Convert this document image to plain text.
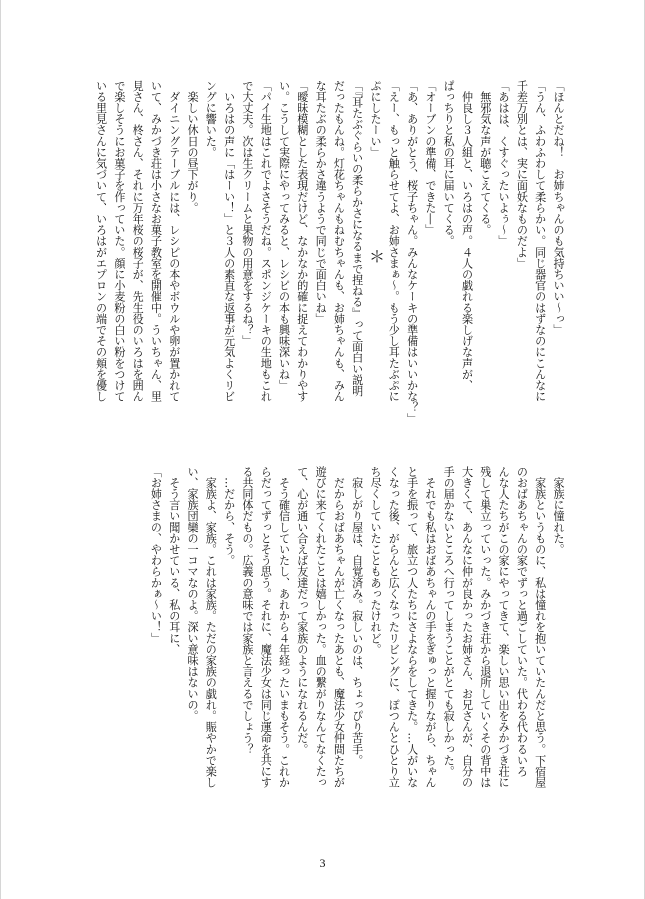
「ほんとだね！　お姉ちゃんのも気持ちいい～っ」
「うん、ふわふわして柔らかい。同じ器官のはずなのにこんなに
千差万別とは、実に面妖なものだよ」
「あはは、くすぐったいよぅ～」
　無邪気な声が聴こえてくる。
　仲良し３人組と、いろはの声。４人の戯れる楽しげな声が、
ぱっちりと私の耳に届いてくる。
「オーブンの準備、できた―」
「あ、ありがとう、桜子ちゃん。みんなケーキの準備はいいかな？」
「えー、もっと触らせてよ、お姉さまぁ～。もう少し耳たぶぷに
ぷにしたーい」
「『耳たぶぐらいの柔らかさになるまで捏ねる』って面白い説明
だったもんね。灯花ちゃんもねむちゃんも、お姉ちゃんも、みん
な耳たぶの柔らかさ違うようで同じで面白いね」
「曖昧模糊とした表現だけど、なかなか的確に捉えてわかりやす
い。こうして実際にやってみると、レシピの本も興味深いね」
「パイ生地はこれでよさそうだね。スポンジケーキの生地もこれ
で大丈夫。次は生クリームと果物の用意をするね？」
　いろはの声に「はーい！」と３人の素直な返事が元気よくリビ
ングに響いた。
　楽しい休日の昼下がり。
　ダイニングテーブルには、レシピの本やボウルや卵が置かれて
いて、みかづき荘は小さなお菓子教室を開催中。ういちゃん、里
見さん、柊さん、それに万年桜の桜子が、先生役のいろはを囲ん
で楽しそうにお菓子を作っていた。顔に小麦粉の白い粉をつけて
いる里見さんに気づいて、いろはがエプロンの端でその頬を優し	＊
　家族に憧れた。
　家族というものに、私は憧れを抱いていたんだと思う。下宿屋
のおばあちゃんの家でずっと過ごしていた。代わる代わるいろ
んな人たちがこの家にやってきて、楽しい思い出をみかづき荘に
残して巣立っていった。みかづき荘から退所していくその背中は
大きくて、あんなに仲が良かったお姉さん、お兄さんが、自分の
手の届かないところへ行ってしまうことがとても寂しかった。
　それでも私はおばあちゃんの手をぎゅっと握りながら、ちゃん
と手を振って、旅立つ人たちにさよならをしてきた。…人がいな
くなった後、がらんと広くなったリビングに、ぽつんとひとり立
ち尽くしていたこともあったけれど。
　寂しがり屋は、自覚済み。寂しいのは、ちょっぴり苦手。
　だからおばあちゃんが亡くなったあとも、魔法少女仲間たちが
遊びに来てくれたことは嬉しかった。血の繋がりなんてなくたっ
て、心が通い合えば友達だって家族のようになれるんだ。
　そう確信していたし、あれから４年経ったいまもそう。これか
らだってずっとそう思う。それに、魔法少女は同じ運命を共にす
る共同体だもの。広義の意味では家族と言えるでしょう？
　…だから、そう。
　家族よ、家族。これは家族。ただの家族の戯れ。賑やかで楽し
い、家族団欒の一コマなのよ。深い意味はないの。
　そう言い聞かせている、私の耳に、
「お姉さまの、やわらかぁ～い！」
3
